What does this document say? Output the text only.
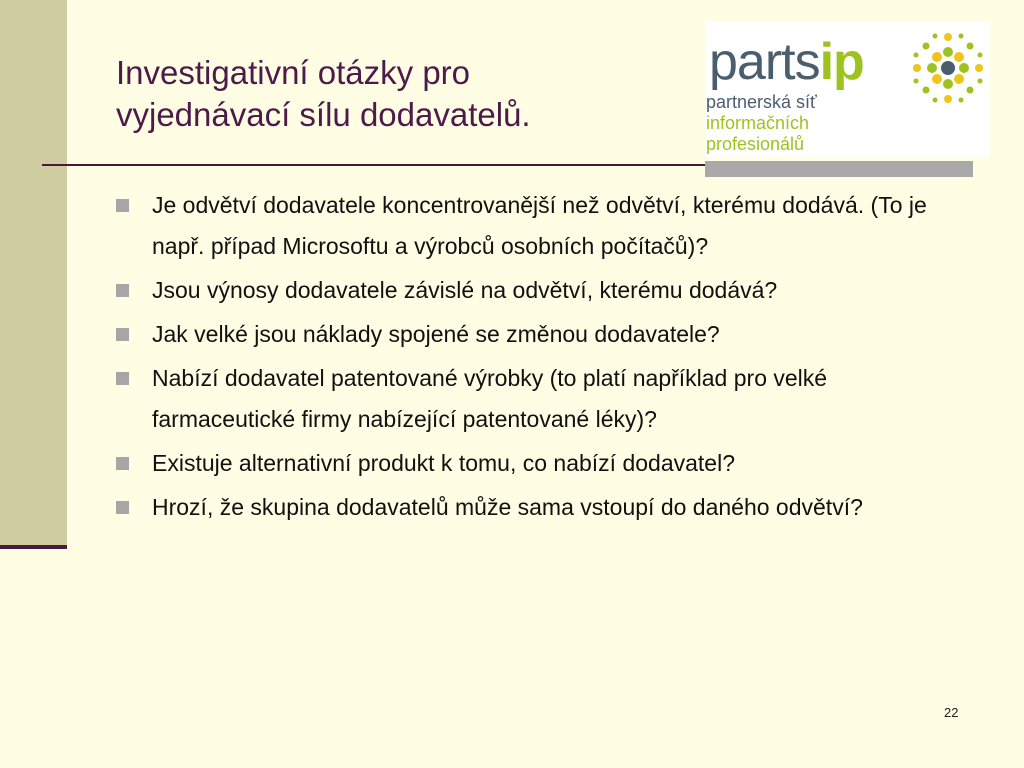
Investigativní otázky pro
vyjednávací sílu dodavatelů.
partsip
partnerská síť
informačních
profesionálů
Je odvětví dodavatele koncentrovanější než odvětví, kterému dodává. (To je např. případ Microsoftu a výrobců osobních počítačů)?
Jsou výnosy dodavatele závislé na odvětví, kterému dodává?
Jak velké jsou náklady spojené se změnou dodavatele?
Nabízí dodavatel patentované výrobky (to platí například pro velké farmaceutické firmy nabízející patentované léky)?
Existuje alternativní produkt k tomu, co nabízí dodavatel?
Hrozí, že skupina dodavatelů může sama vstoupí do daného odvětví?
22
